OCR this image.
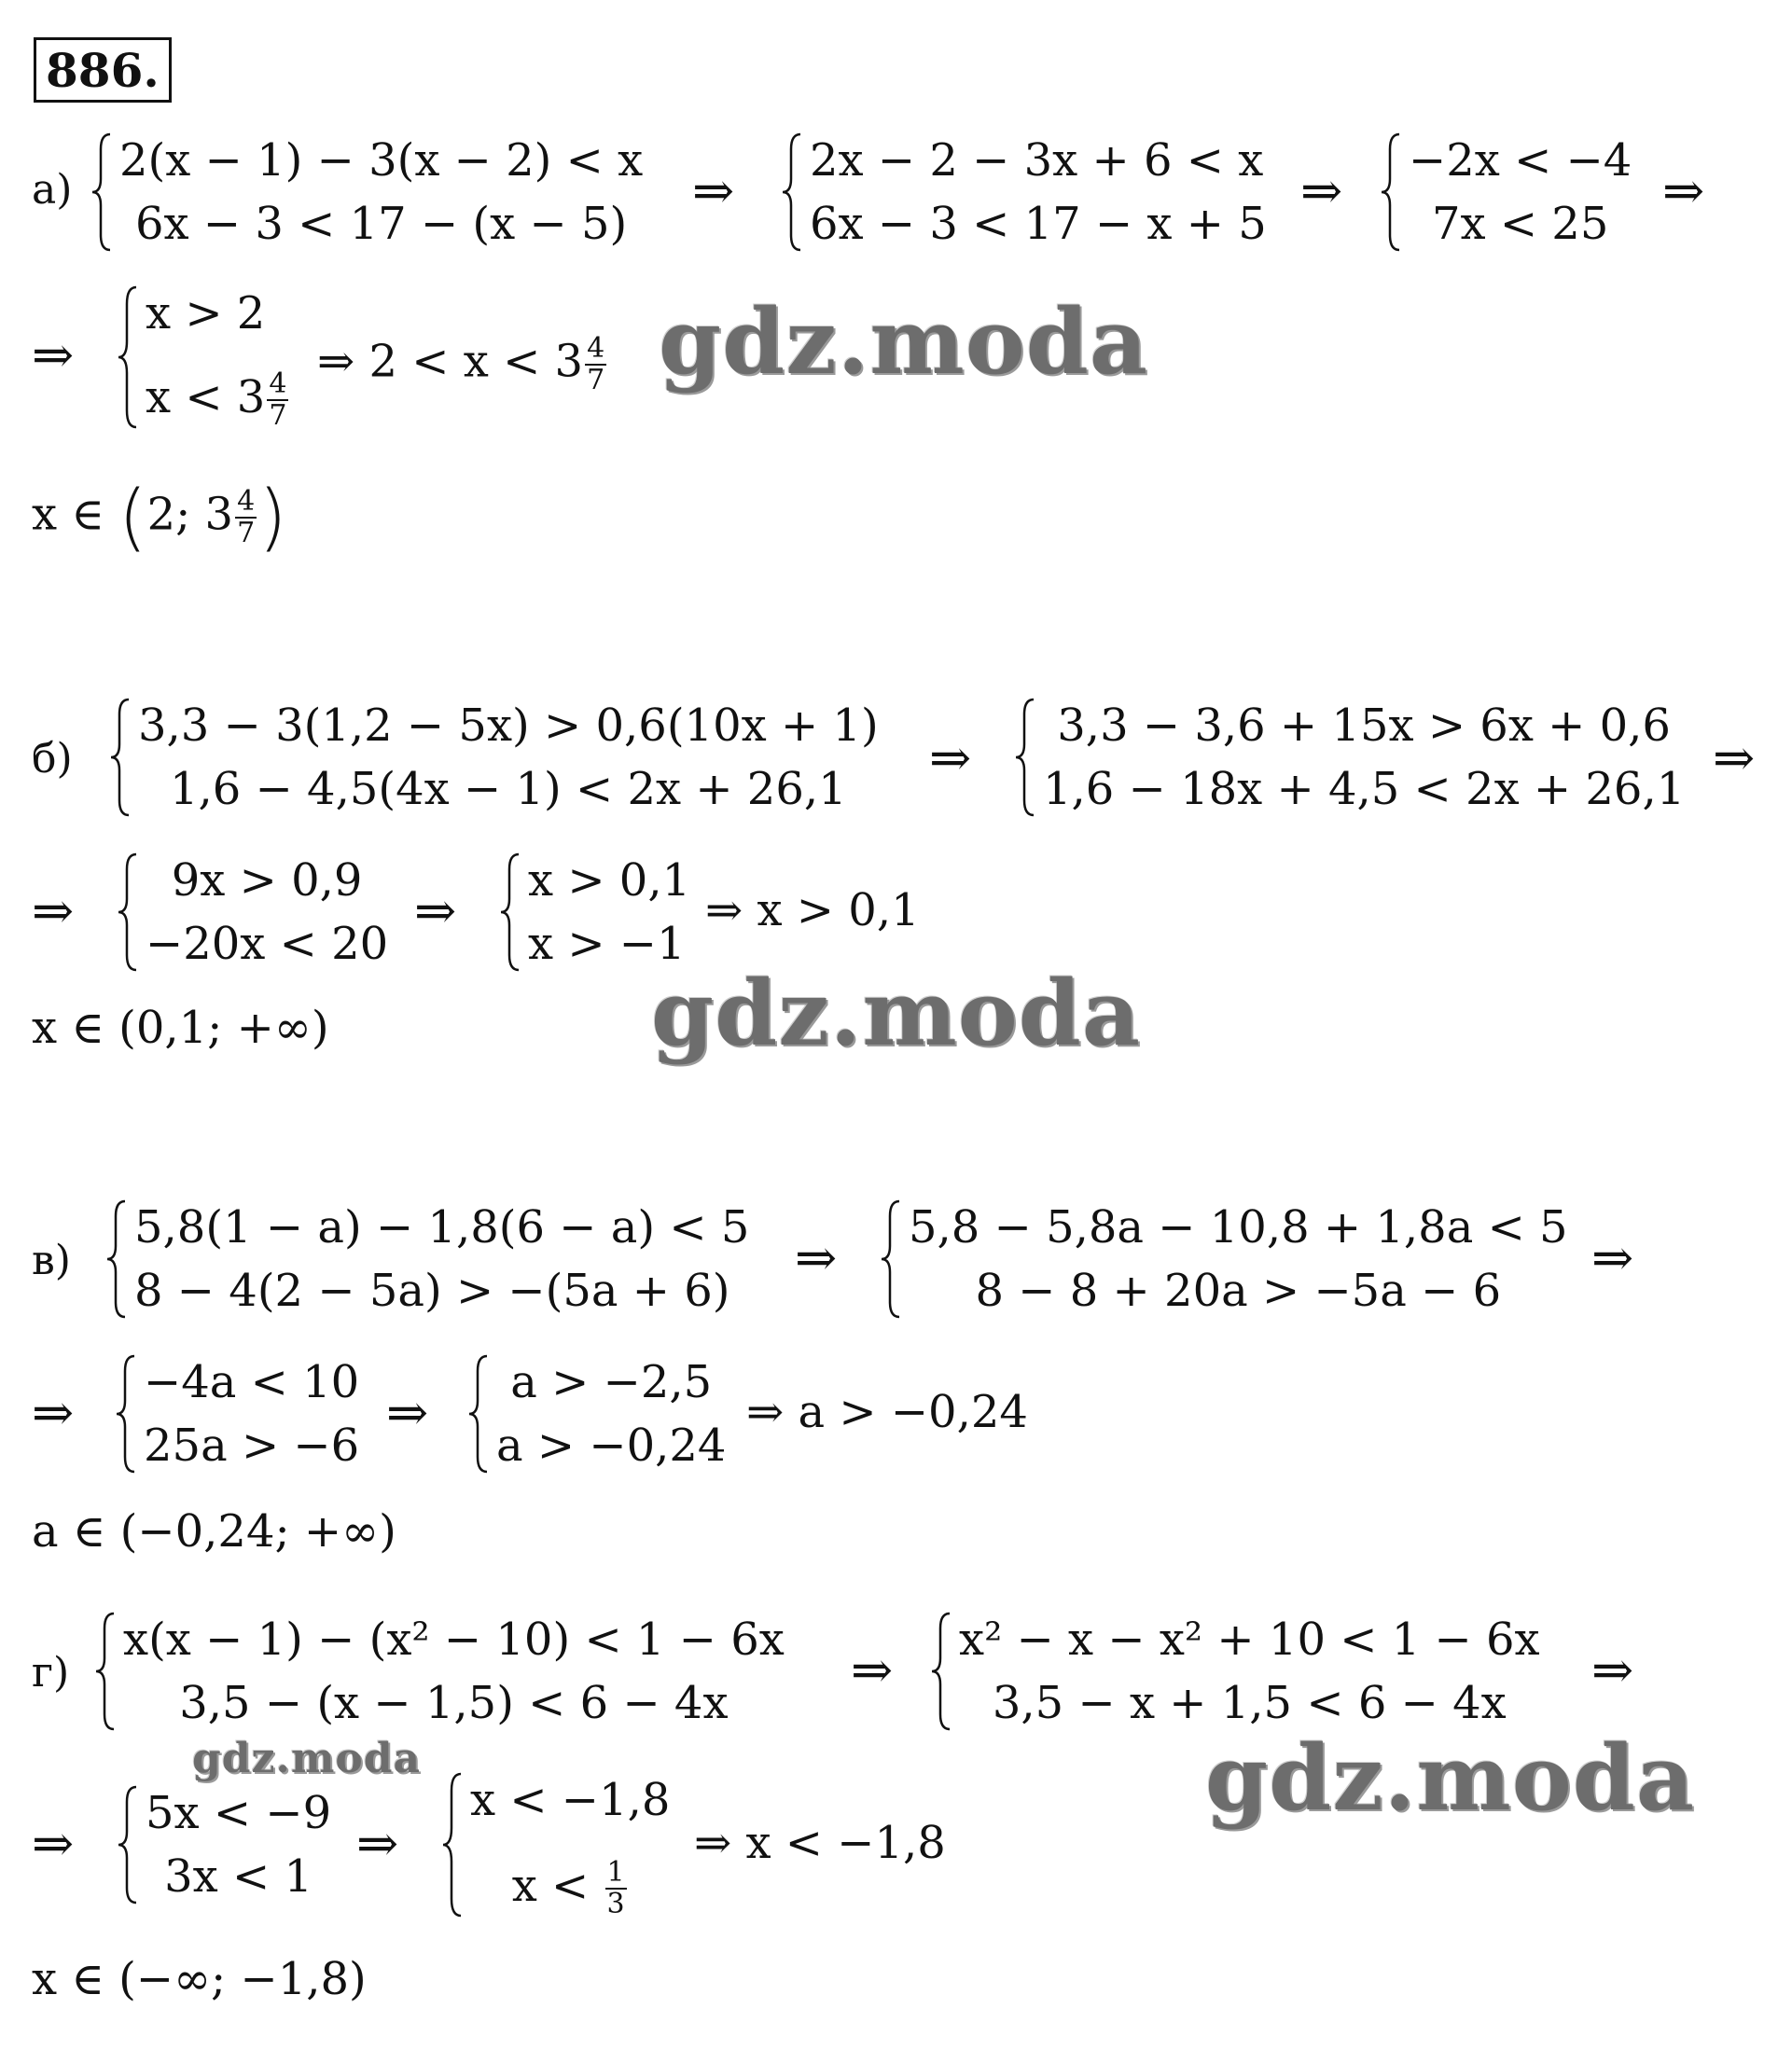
886.
а)
2(x − 1) − 3(x − 2) < x
6x − 3 < 17 − (x − 5)
⇒
2x − 2 − 3x + 6 < x
6x − 3 < 17 − x + 5
⇒
−2x < −4
7x < 25
⇒
⇒
x > 2
$x < 3 \frac{4}{7}$
⇒ $2 < x < 3 \frac{4}{7}$
x ∈ (2; $3 \frac{4}{7}$ )
б)
3,3 − 3(1,2 − 5x) > 0,6(10x + 1)
1,6 − 4,5(4x − 1) < 2x + 26,1
⇒
3,3 − 3,6 + 15x > 6x + 0,6
1,6 − 18x + 4,5 < 2x + 26,1
⇒
⇒
9x > 0,9
−20x < 20
⇒
x > 0,1
x > −1
⇒ x > 0,1
x ∈ (0,1; +∞)
в)
5,8(1 − a) − 1,8(6 − a) < 5
8 − 4(2 − 5a) > −(5a + 6)
⇒
5,8 − 5,8a − 10,8 + 1,8a < 5
8 − 8 + 20a > −5a − 6
⇒
⇒
−4a < 10
25a > −6
⇒
a > −2,5
a > −0,24
⇒ a > −0,24
a ∈ (−0,24; +∞)
г)
x(x − 1) − (x² − 10) < 1 − 6x
3,5 − (x − 1,5) < 6 − 4x
⇒
x² − x − x² + 10 < 1 − 6x
3,5 − x + 1,5 < 6 − 4x
⇒
⇒
5x < −9
3x < 1
⇒
x < −1,8
$x < \frac{1}{3}$
⇒ x < −1,8
x ∈ (−∞; −1,8)
gdz.moda
gdz.moda
gdz.moda	gdz.moda
